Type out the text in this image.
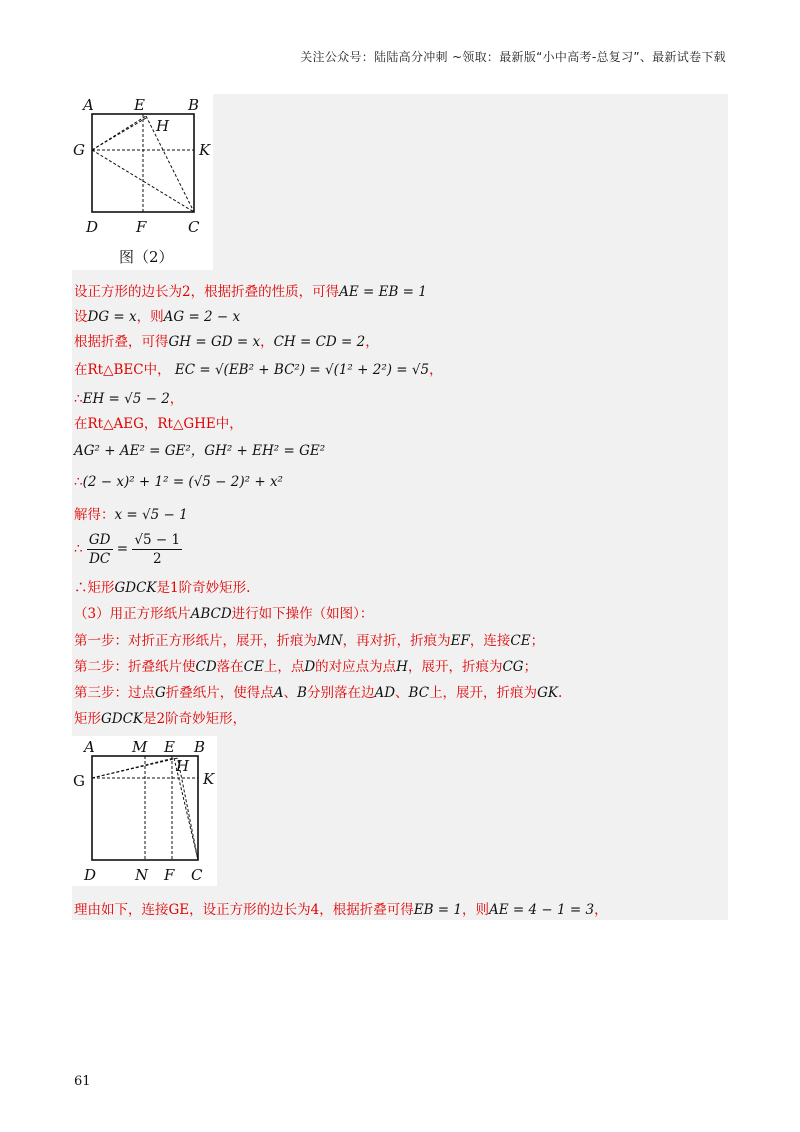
关注公众号：陆陆高分冲刺 ~领取：最新版“小中高考-总复习”、最新试卷下载
A	E	B
H
G	K
D	F	C
图（2）
设正方形的边长为2，根据折叠的性质，可得AE = EB = 1
设DG = x，则AG = 2 − x
根据折叠，可得GH = GD = x，CH = CD = 2，
在Rt△BEC中， EC = √(EB² + BC²) = √(1² + 2²) = √5，
∴EH = √5 − 2，
在Rt△AEG，Rt△GHE中，
AG² + AE² = GE²，GH² + EH² = GE²
∴(2 − x)² + 1² = (√5 − 2)² + x²
解得：x = √5 − 1
∴ $\frac{GD}{DC} = \frac{√5 - 1}{2}$
∴矩形GDCK是1阶奇妙矩形.
（3）用正方形纸片ABCD进行如下操作（如图）：
第一步：对折正方形纸片，展开，折痕为MN，再对折，折痕为EF，连接CE；
第二步：折叠纸片使CD落在CE上，点D的对应点为点H，展开，折痕为CG；
第三步：过点G折叠纸片，使得点A、B分别落在边AD、BC上，展开，折痕为GK.
矩形GDCK是2阶奇妙矩形，
A M E B
H
G	K
D	N F C
理由如下，连接GE，设正方形的边长为4，根据折叠可得EB = 1，则AE = 4 − 1 = 3，
61
